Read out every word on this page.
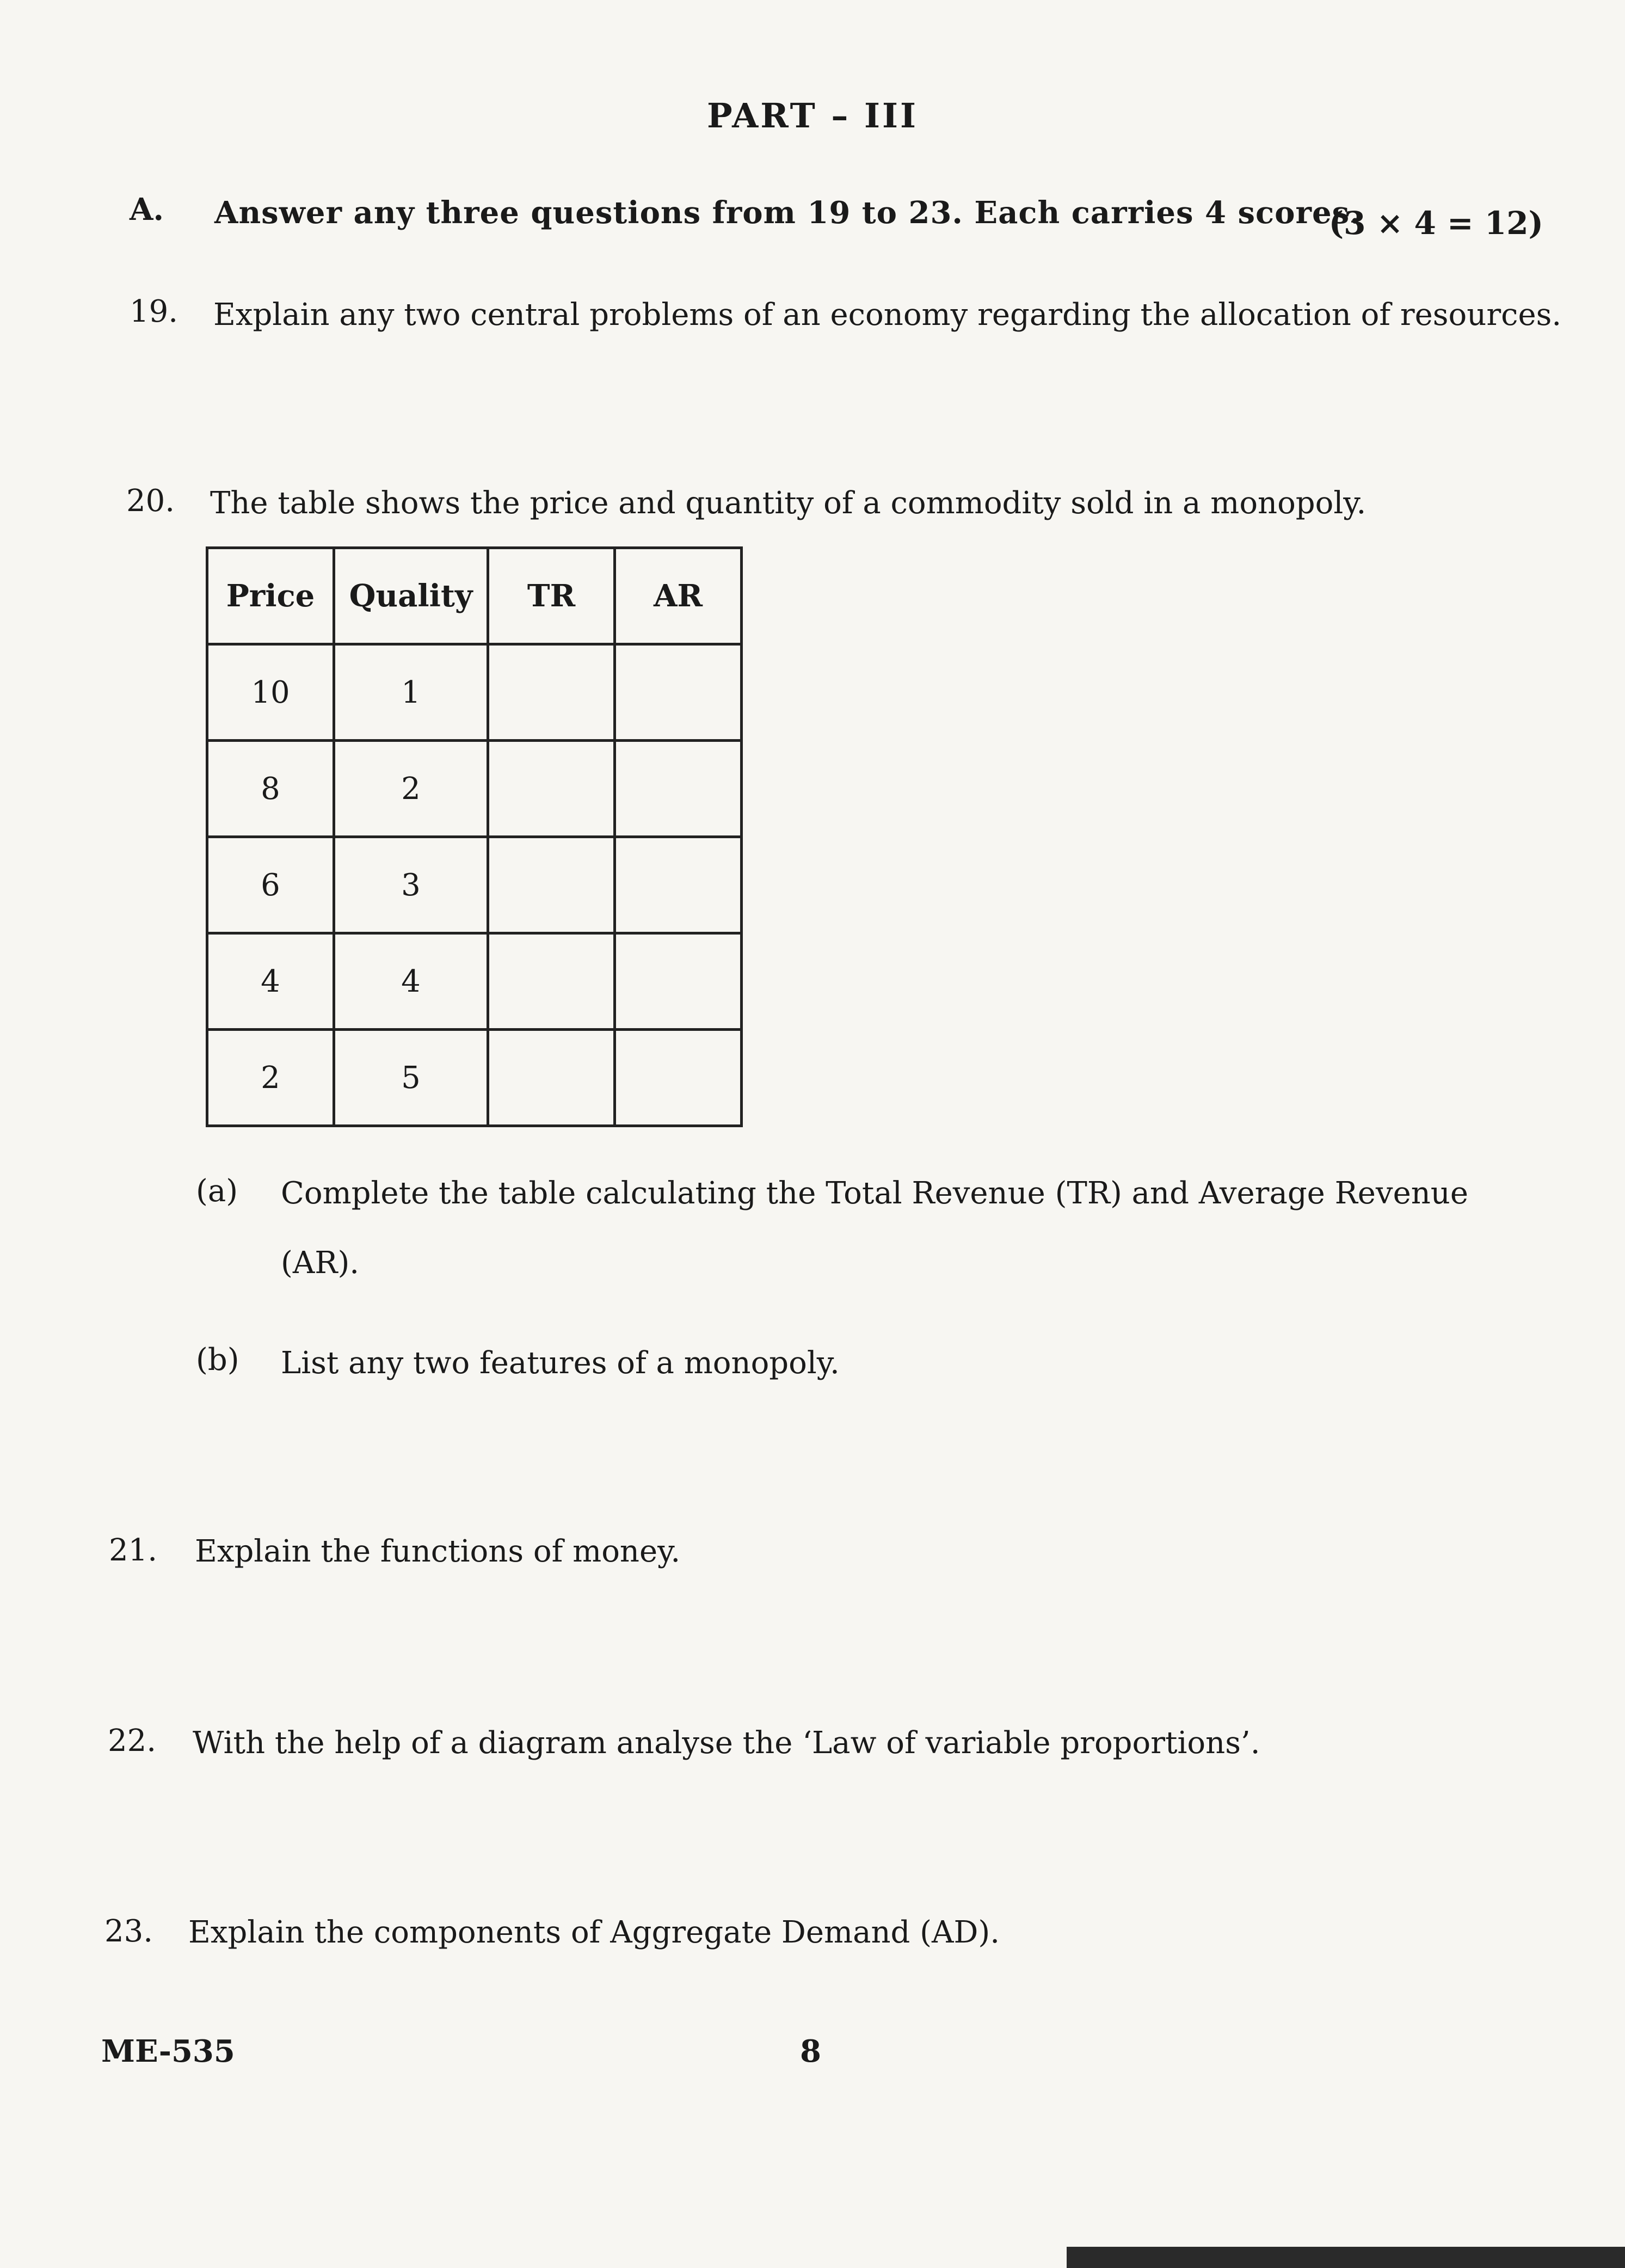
PART – III
A. Answer any three questions from 19 to 23. Each carries 4 scores.
(3 × 4 = 12)
19. Explain any two central problems of an economy regarding the allocation of resources.
20. The table shows the price and quantity of a commodity sold in a monopoly.
Price	Quality	TR	AR
10	1		
8	2		
6	3		
4	4		
2	5		
(a) Complete the table calculating the Total Revenue (TR) and Average Revenue
(AR).
(b) List any two features of a monopoly.
21. Explain the functions of money.
22. With the help of a diagram analyse the ‘Law of variable proportions’.
23. Explain the components of Aggregate Demand (AD).
ME-535	8
